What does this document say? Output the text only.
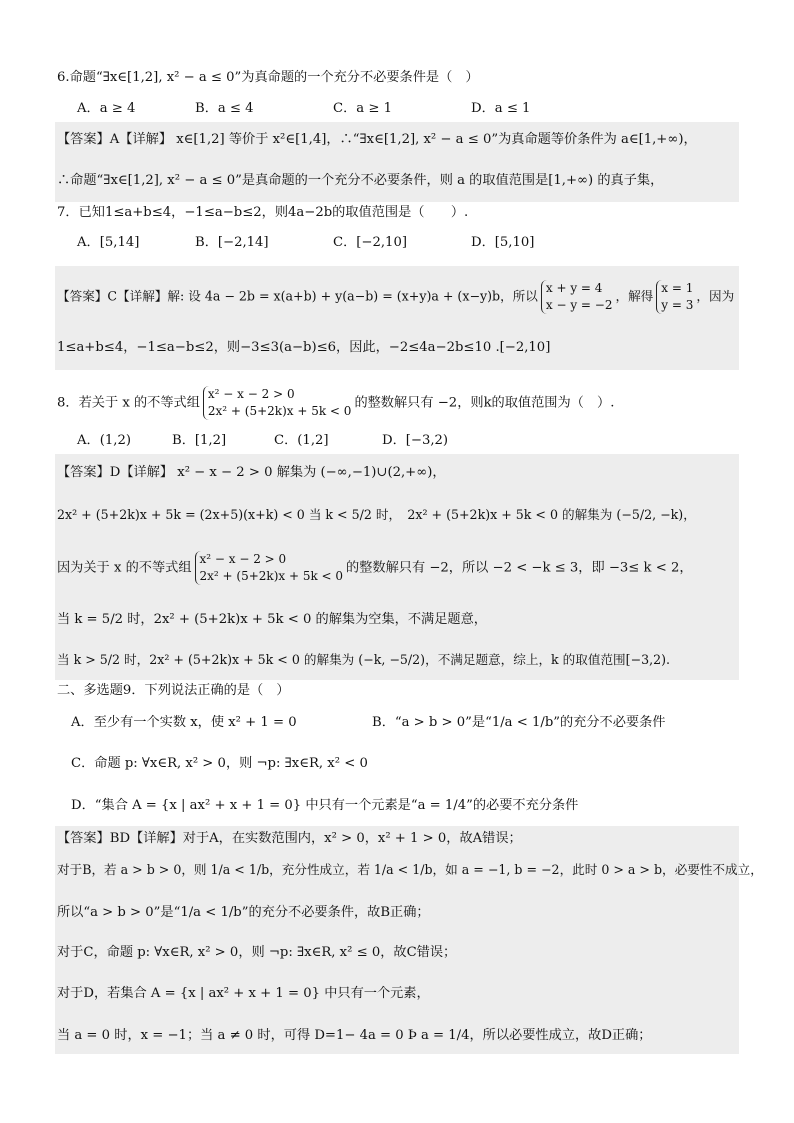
6.命题“∃x∈[1,2], x² − a ≤ 0”为真命题的一个充分不必要条件是（　）
A．a ≥ 4	B．a ≤ 4	C．a ≥ 1	D．a ≤ 1
【答案】A【详解】 x∈[1,2] 等价于 x²∈[1,4]，∴“∃x∈[1,2], x² − a ≤ 0”为真命题等价条件为 a∈[1,+∞)，
∴命题“∃x∈[1,2], x² − a ≤ 0”是真命题的一个充分不必要条件，则 a 的取值范围是[1,+∞) 的真子集，
7．已知1≤a+b≤4，−1≤a−b≤2，则4a−2b的取值范围是（　　）.
A．[5,14]	B．[−2,14]	C．[−2,10]	D．[5,10]
【答案】C【详解】解: 设 4a − 2b = x(a+b) + y(a−b) = (x+y)a + (x−y)b，所以
x + y = 4
x − y = −2
，解得
x = 1
y = 3
，因为
1≤a+b≤4，−1≤a−b≤2，则−3≤3(a−b)≤6，因此，−2≤4a−2b≤10 .[−2,10]
8．若关于 x 的不等式组
x² − x − 2 > 0
2x² + (5+2k)x + 5k < 0
的整数解只有 −2，则k的取值范围为（　）.
A．(1,2)	B．[1,2]	C．(1,2]	D．[−3,2)
【答案】D【详解】 x² − x − 2 > 0 解集为 (−∞,−1)∪(2,+∞)，
2x² + (5+2k)x + 5k = (2x+5)(x+k) < 0 当 k < 5/2 时，　2x² + (5+2k)x + 5k < 0 的解集为 (−5/2, −k)，
因为关于 x 的不等式组
x² − x − 2 > 0
2x² + (5+2k)x + 5k < 0
的整数解只有 −2，所以 −2 < −k ≤ 3，即 −3≤ k < 2，
当 k = 5/2 时，2x² + (5+2k)x + 5k < 0 的解集为空集，不满足题意，
当 k > 5/2 时，2x² + (5+2k)x + 5k < 0 的解集为 (−k, −5/2)，不满足题意，综上，k 的取值范围[−3,2).
二、多选题9．下列说法正确的是（　）
A．至少有一个实数 x，使 x² + 1 = 0	B．“a > b > 0”是“1/a < 1/b”的充分不必要条件
C．命题 p: ∀x∈R, x² > 0，则 ¬p: ∃x∈R, x² < 0
D．“集合 A = {x | ax² + x + 1 = 0} 中只有一个元素是“a = 1/4”的必要不充分条件
【答案】BD【详解】对于A，在实数范围内，x² > 0，x² + 1 > 0，故A错误；
对于B，若 a > b > 0，则 1/a < 1/b，充分性成立，若 1/a < 1/b，如 a = −1, b = −2，此时 0 > a > b，必要性不成立，
所以“a > b > 0”是“1/a < 1/b”的充分不必要条件，故B正确；
对于C，命题 p: ∀x∈R, x² > 0，则 ¬p: ∃x∈R, x² ≤ 0，故C错误；
对于D，若集合 A = {x | ax² + x + 1 = 0} 中只有一个元素，
当 a = 0 时，x = −1；当 a ≠ 0 时，可得 D=1− 4a = 0 Þ a = 1/4，所以必要性成立，故D正确；
